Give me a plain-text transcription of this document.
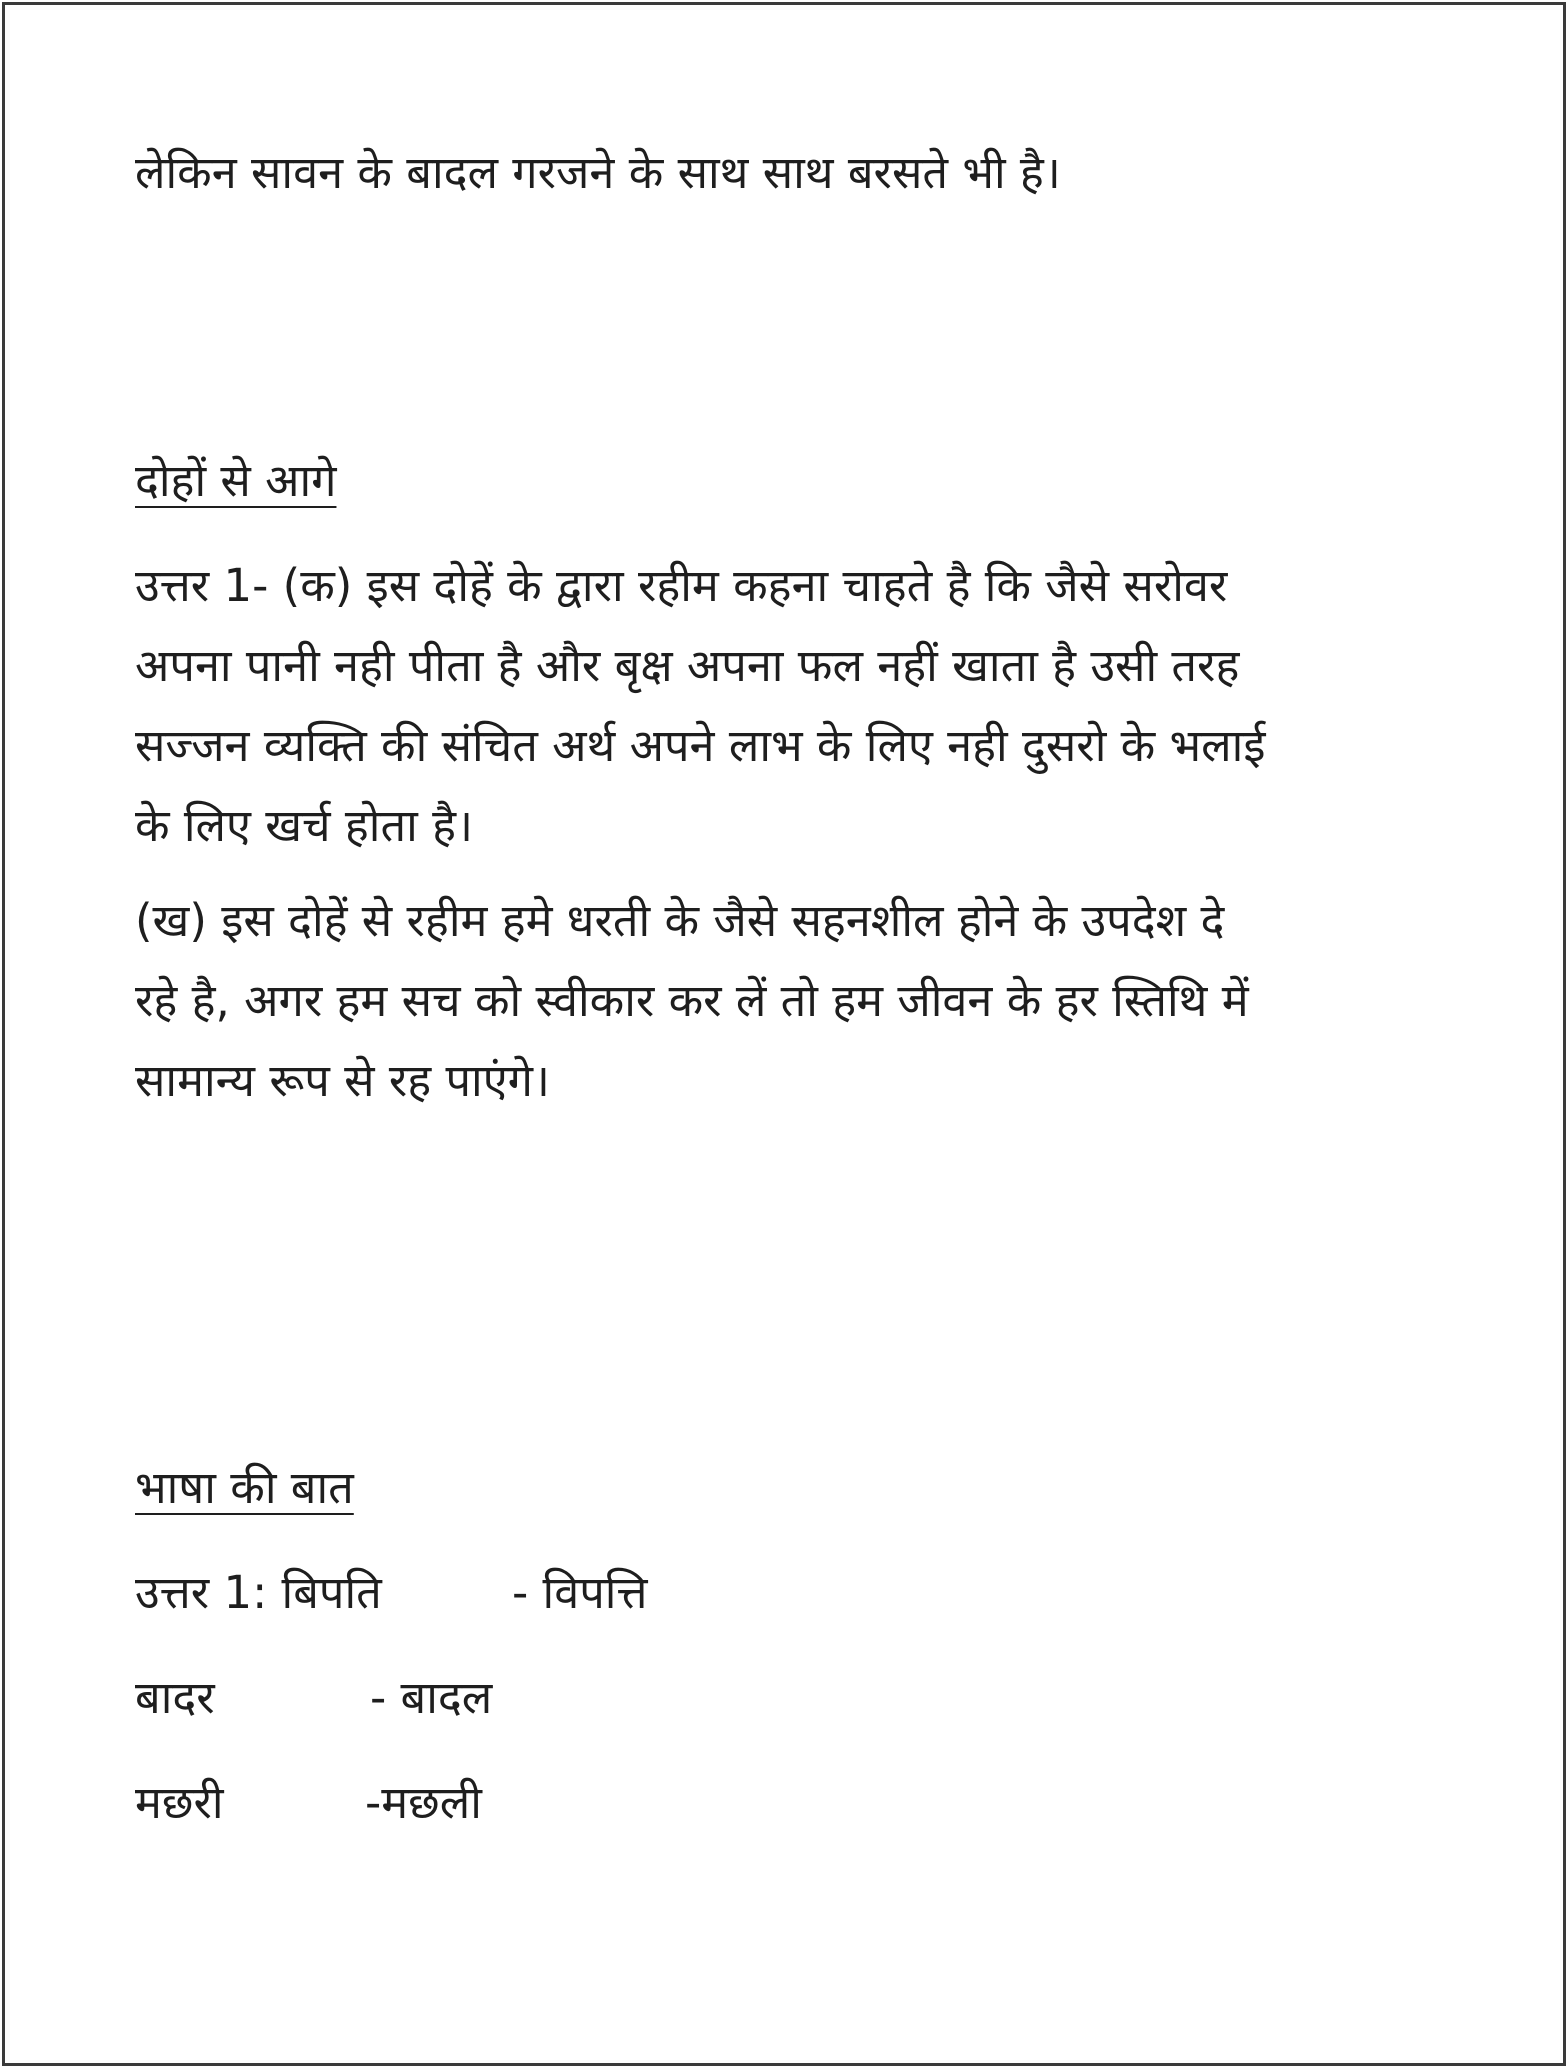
लेकिन सावन के बादल गरजने के साथ साथ बरसते भी है।
दोहों से आगे
उत्तर 1- (क) इस दोहें के द्वारा रहीम कहना चाहते है कि जैसे सरोवर
अपना पानी नही पीता है और बृक्ष अपना फल नहीं खाता है उसी तरह
सज्जन व्यक्ति की संचित अर्थ अपने लाभ के लिए नही दुसरो के भलाई
के लिए खर्च होता है।
(ख) इस दोहें से रहीम हमे धरती के जैसे सहनशील होने के उपदेश दे
रहे है, अगर हम सच को स्वीकार कर लें तो हम जीवन के हर स्तिथि में
सामान्य रूप से रह पाएंगे।
भाषा की बात
उत्तर 1: बिपति	- विपत्ति
बादर	- बादल
मछरी	-मछली
